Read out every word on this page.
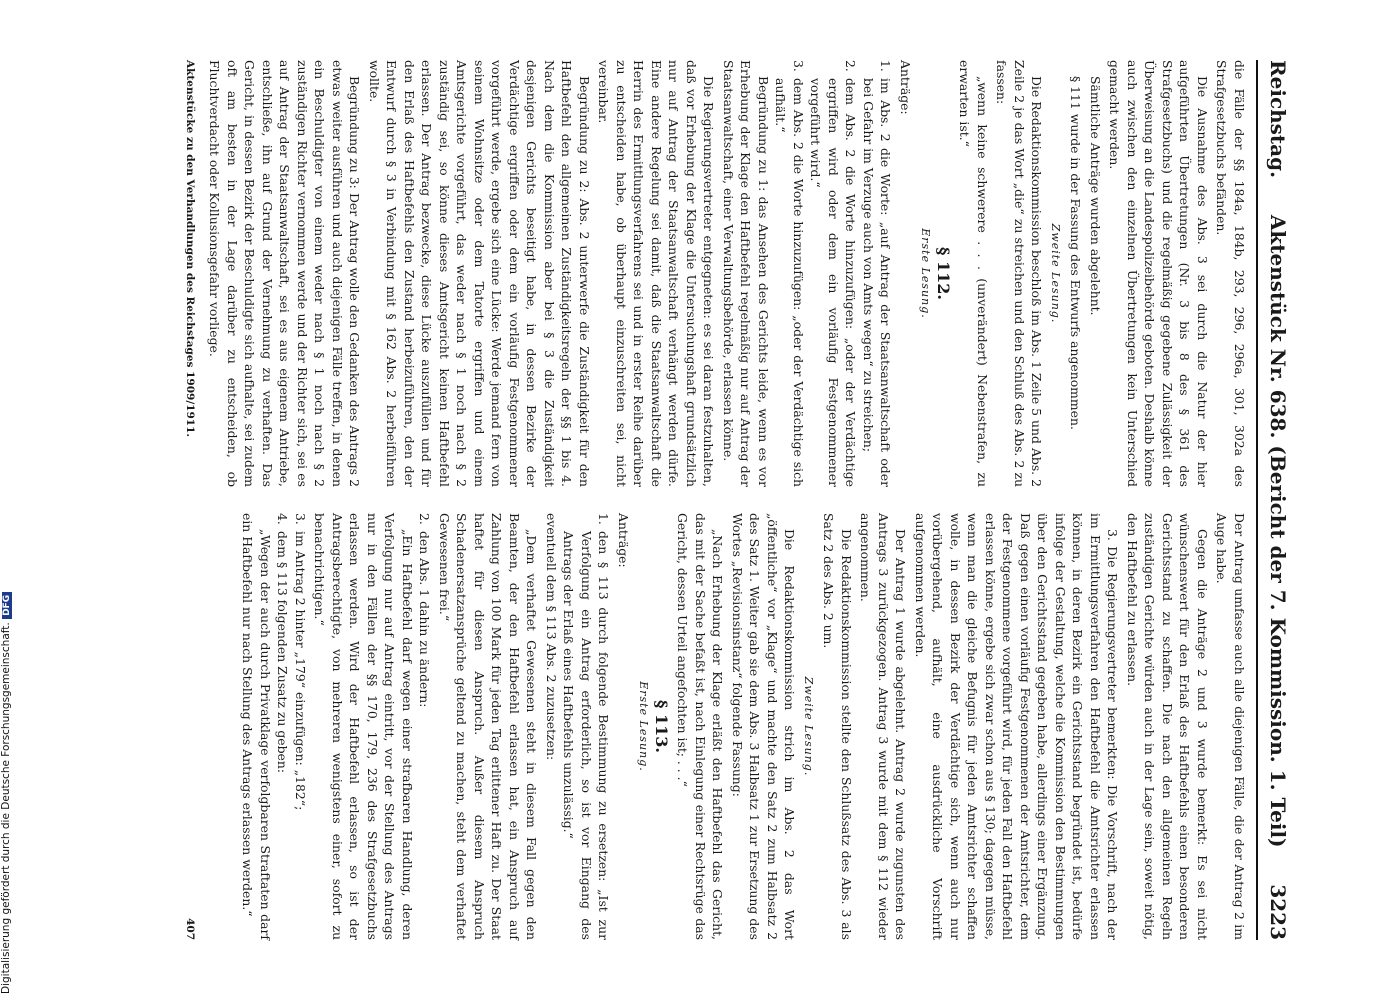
Reichstag.
Aktenstück Nr. 638. (Bericht der 7. Kommission. 1. Teil)
3223

die Fälle der §§ 184a, 184b, 293, 296, 296a, 301, 302a des Strafgesetzbuchs befänden.

Die Ausnahme des Abs. 3 sei durch die Natur der hier aufgeführten Übertretungen (Nr. 3 bis 8 des § 361 des Strafgesetzbuchs) und die regelmäßig gegebene Zulässigkeit der Überweisung an die Landespolizeibehörde geboten. Deshalb könne auch zwischen den einzelnen Übertretungen kein Unterschied gemacht werden.

Sämtliche Anträge wurden abgelehnt.

§ 111 wurde in der Fassung des Entwurfs angenommen.

Zweite Lesung.

Die Redaktionskommission beschloß im Abs. 1 Zeile 5 und Abs. 2 Zeile 2 je das Wort „die“ zu streichen und den Schluß des Abs. 2 zu fassen:

„wenn keine schwerere . . . (unverändert) Nebenstrafen, zu erwarten ist.“

§ 112.
Erste Lesung.

Anträge:

1.
im Abs. 2 die Worte: „auf Antrag der Staatsanwaltschaft oder bei Gefahr im Verzuge auch von Amts wegen“ zu streichen;
2.
dem Abs. 2 die Worte hinzuzufügen: „oder der Verdächtige ergriffen wird oder dem ein vorläufig Festgenommener vorgeführt wird.“
3.
dem Abs. 2 die Worte hinzuzufügen: „oder der Verdächtige sich aufhält.“

Begründung zu 1: das Ansehen des Gerichts leide, wenn es vor Erhebung der Klage den Haftbefehl regelmäßig nur auf Antrag der Staatsanwaltschaft, einer Verwaltungsbehörde, erlassen könne.

Die Regierungsvertreter entgegneten: es sei daran festzuhalten, daß vor Erhebung der Klage die Untersuchungshaft grundsätzlich nur auf Antrag der Staatsanwaltschaft verhängt werden dürfe. Eine andere Regelung sei damit, daß die Staatsanwaltschaft die Herrin des Ermittlungsverfahrens sei und in erster Reihe darüber zu entscheiden habe, ob überhaupt einzuschreiten sei, nicht vereinbar.

Begründung zu 2: Abs. 2 unterwerfe die Zuständigkeit für den Haftbefehl den allgemeinen Zuständigkeitsregeln der §§ 1 bis 4. Nach dem die Kommission aber bei § 3 die Zuständigkeit desjenigen Gerichts beseitigt habe, in dessen Bezirke der Verdächtige ergriffen oder dem ein vorläufig Festgenommener vorgeführt werde, ergebe sich eine Lücke: Werde jemand fern von seinem Wohnsitze oder dem Tatorte ergriffen und einem Amtsgerichte vorgeführt, das weder nach § 1 noch nach § 2 zuständig sei, so könne dieses Amtsgericht keinen Haftbefehl erlassen. Der Antrag bezwecke, diese Lücke auszufüllen und für den Erlaß des Haftbefehls den Zustand herbeizuführen, den der Entwurf durch § 3 in Verbindung mit § 162 Abs. 2 herbeiführen wollte.

Begründung zu 3: Der Antrag wolle den Gedanken des Antrags 2 etwas weiter ausführen und auch diejenigen Fälle treffen, in denen ein Beschuldigter von einem weder nach § 1 noch nach § 2 zuständigen Richter vernommen werde und der Richter sich, sei es auf Antrag der Staatsanwaltschaft, sei es aus eigenem Antriebe, entschließe, ihn auf Grund der Vernehmung zu verhaften. Das Gericht, in dessen Bezirk der Beschuldigte sich aufhalte, sei zudem oft am besten in der Lage darüber zu entscheiden, ob Fluchtverdacht oder Kollusionsgefahr vorliege.

Der Antrag umfasse auch alle diejenigen Fälle, die der Antrag 2 im Auge habe.

Gegen die Anträge 2 und 3 wurde bemerkt: Es sei nicht wünschenswert für den Erlaß des Haftbefehls einen besonderen Gerichtsstand zu schaffen. Die nach den allgemeinen Regeln zuständigen Gerichte würden auch in der Lage sein, soweit nötig, den Haftbefehl zu erlassen.

3. Die Regierungsvertreter bemerkten: Die Vorschrift, nach der im Ermittlungsverfahren den Haftbefehl die Amtsrichter erlassen können, in deren Bezirk ein Gerichtsstand begründet ist, bedürfe infolge der Gestaltung, welche die Kommission den Bestimmungen über den Gerichtsstand gegeben habe, allerdings einer Ergänzung. Daß gegen einen vorläufig Festgenommenen der Amtsrichter, dem der Festgenommene vorgeführt wird, für jeden Fall den Haftbefehl erlassen könne, ergebe sich zwar schon aus § 130; dagegen müsse, wenn man die gleiche Befugnis für jeden Amtsrichter schaffen wolle, in dessen Bezirk der Verdächtige sich, wenn auch nur vorübergehend, aufhält, eine ausdrückliche Vorschrift aufgenommen werden.

Der Antrag 1 wurde abgelehnt. Antrag 2 wurde zugunsten des Antrags 3 zurückgezogen. Antrag 3 wurde mit dem § 112 wieder angenommen.

Die Redaktionskommission stellte den Schlußsatz des Abs. 3 als Satz 2 des Abs. 2 um.

Zweite Lesung.

Die Redaktionskommission strich im Abs. 2 das Wort „öffentliche“ vor „Klage“ und machte den Satz 2 zum Halbsatz 2 des Satz 1. Weiter gab sie dem Abs. 3 Halbsatz 1 zur Ersetzung des Wortes „Revisionsinstanz“ folgende Fassung:

„Nach Erhebung der Klage erläßt den Haftbefehl das Gericht, das mit der Sache befaßt ist, nach Einlegung einer Rechtsrüge das Gericht, dessen Urteil angefochten ist; . . .“

§ 113.
Erste Lesung.

Anträge:

1.
den § 113 durch folgende Bestimmung zu ersetzen: „Ist zur Verfolgung ein Antrag erforderlich, so ist vor Eingang des Antrags der Erlaß eines Haftbefehls unzulässig.“

eventuell dem § 113 Abs. 2 zuzusetzen:

„Dem verhaftet Gewesenen steht in diesem Fall gegen den Beamten, der den Haftbefehl erlassen hat, ein Anspruch auf Zahlung von 100 Mark für jeden Tag erlittener Haft zu. Der Staat haftet für diesen Anspruch. Außer diesem Anspruch Schadenersatzansprüche geltend zu machen, steht dem verhaftet Gewesenen frei.“

2.
den Abs. 1 dahin zu ändern:

„Ein Haftbefehl darf wegen einer strafbaren Handlung, deren Verfolgung nur auf Antrag eintritt, vor der Stellung des Antrags nur in den Fällen der §§ 170, 179, 236 des Strafgesetzbuchs erlassen werden. Wird der Haftbefehl erlassen, so ist der Antragsberechtigte, von mehreren wenigstens einer, sofort zu benachrichtigen.“

3.
im Antrag 2 hinter „179“ einzufügen: „182“;
4.
dem § 113 folgenden Zusatz zu geben:

„Wegen der auch durch Privatklage verfolgbaren Straftaten darf ein Haftbefehl nur nach Stellung des Antrags erlassen werden.“

Aktenstücke zu den Verhandlungen des Reichstages 1909/1911.
407
Digitalisierung gefördert durch die Deutsche Forschungsgemeinschaft. DFG
